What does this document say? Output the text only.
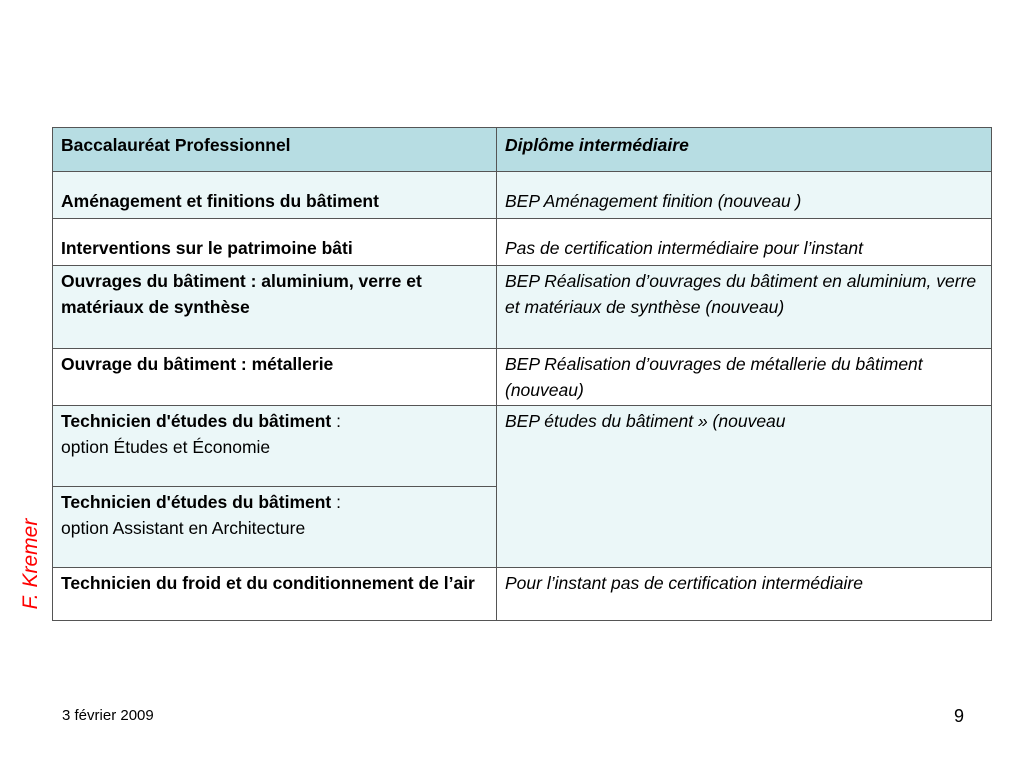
Baccalauréat Professionnel	Diplôme intermédiaire
Aménagement et finitions du bâtiment	BEP Aménagement finition (nouveau )
Interventions sur le patrimoine bâti	Pas de certification intermédiaire pour l’instant
Ouvrages du bâtiment : aluminium, verre et matériaux de synthèse	BEP Réalisation d’ouvrages du bâtiment en aluminium, verre et matériaux de synthèse (nouveau)
Ouvrage du bâtiment : métallerie	BEP Réalisation d’ouvrages de métallerie du bâtiment (nouveau)
Technicien d'études du bâtiment :
option Études et Économie	BEP études du bâtiment » (nouveau
Technicien d'études du bâtiment :
option Assistant en Architecture	
Technicien du froid et du conditionnement de l’air	Pour l’instant pas de certification intermédiaire
F. Kremer
3 février 2009	9
